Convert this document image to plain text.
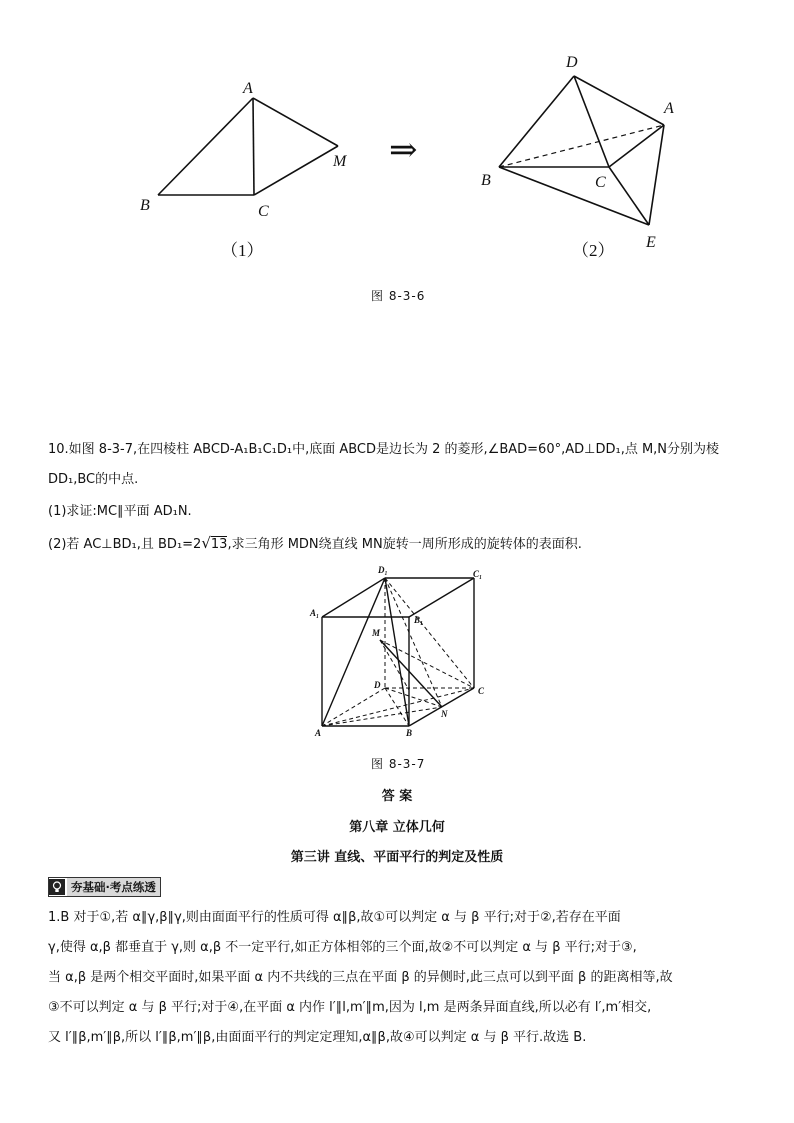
A
B	C
M
（1）
⇒
D
A
B	C
E
（2）
图 8-3-6
10.如图 8-3-7,在四棱柱 ABCD-A₁B₁C₁D₁中,底面 ABCD是边长为 2 的菱形,∠BAD=60°,AD⊥DD₁,点 M,N分别为棱
DD₁,BC的中点.
(1)求证:MC∥平面 AD₁N.
(2)若 AC⊥BD₁,且 BD₁=2√13,求三角形 MDN绕直线 MN旋转一周所形成的旋转体的表面积.
D₁	C₁
A₁
B₁
M
D
C
N
A	B
图 8-3-7
答 案
第八章 立体几何
第三讲 直线、平面平行的判定及性质
夯基础·考点练透
1.B 对于①,若 α∥γ,β∥γ,则由面面平行的性质可得 α∥β,故①可以判定 α 与 β 平行;对于②,若存在平面
γ,使得 α,β 都垂直于 γ,则 α,β 不一定平行,如正方体相邻的三个面,故②不可以判定 α 与 β 平行;对于③,
当 α,β 是两个相交平面时,如果平面 α 内不共线的三点在平面 β 的异侧时,此三点可以到平面 β 的距离相等,故
③不可以判定 α 与 β 平行;对于④,在平面 α 内作 l′∥l,m′∥m,因为 l,m 是两条异面直线,所以必有 l′,m′相交,
又 l′∥β,m′∥β,所以 l′∥β,m′∥β,由面面平行的判定定理知,α∥β,故④可以判定 α 与 β 平行.故选 B.
